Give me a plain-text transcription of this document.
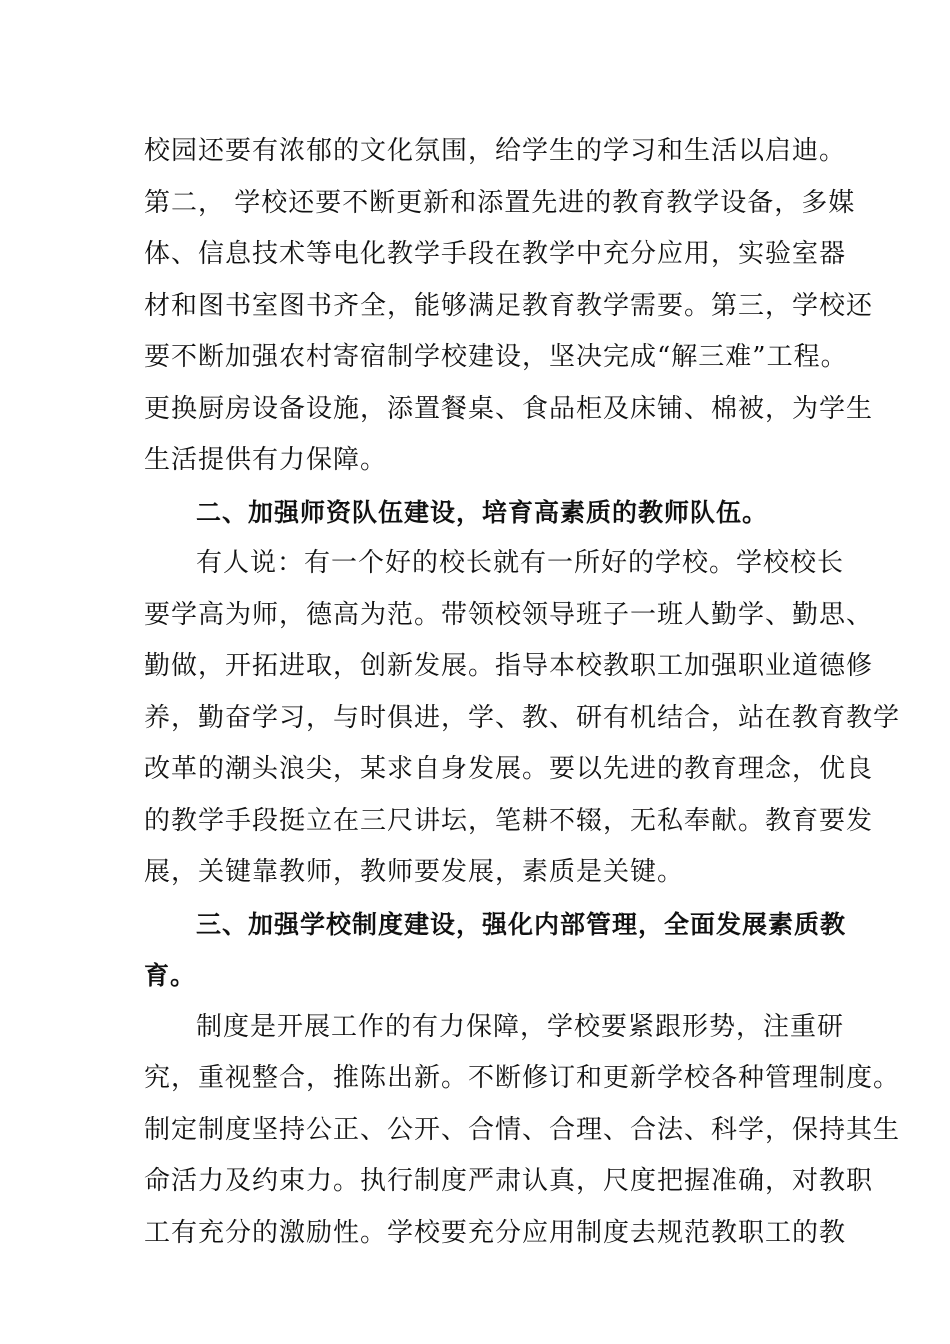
校园还要有浓郁的文化氛围，给学生的学习和生活以启迪。
第二， 学校还要不断更新和添置先进的教育教学设备，多媒
体、信息技术等电化教学手段在教学中充分应用，实验室器
材和图书室图书齐全，能够满足教育教学需要。第三，学校还
要不断加强农村寄宿制学校建设，坚决完成“解三难”工程。
更换厨房设备设施，添置餐桌、食品柜及床铺、棉被，为学生
生活提供有力保障。
二、加强师资队伍建设，培育高素质的教师队伍。
有人说：有一个好的校长就有一所好的学校。学校校长
要学高为师，德高为范。带领校领导班子一班人勤学、勤思、
勤做，开拓进取，创新发展。指导本校教职工加强职业道德修
养，勤奋学习，与时俱进，学、教、研有机结合，站在教育教学
改革的潮头浪尖，某求自身发展。要以先进的教育理念，优良
的教学手段挺立在三尺讲坛，笔耕不辍，无私奉献。教育要发
展，关键靠教师，教师要发展，素质是关键。
三、加强学校制度建设，强化内部管理，全面发展素质教
育。
制度是开展工作的有力保障，学校要紧跟形势，注重研
究，重视整合，推陈出新。不断修订和更新学校各种管理制度。
制定制度坚持公正、公开、合情、合理、合法、科学，保持其生
命活力及约束力。执行制度严肃认真，尺度把握准确，对教职
工有充分的激励性。学校要充分应用制度去规范教职工的教
